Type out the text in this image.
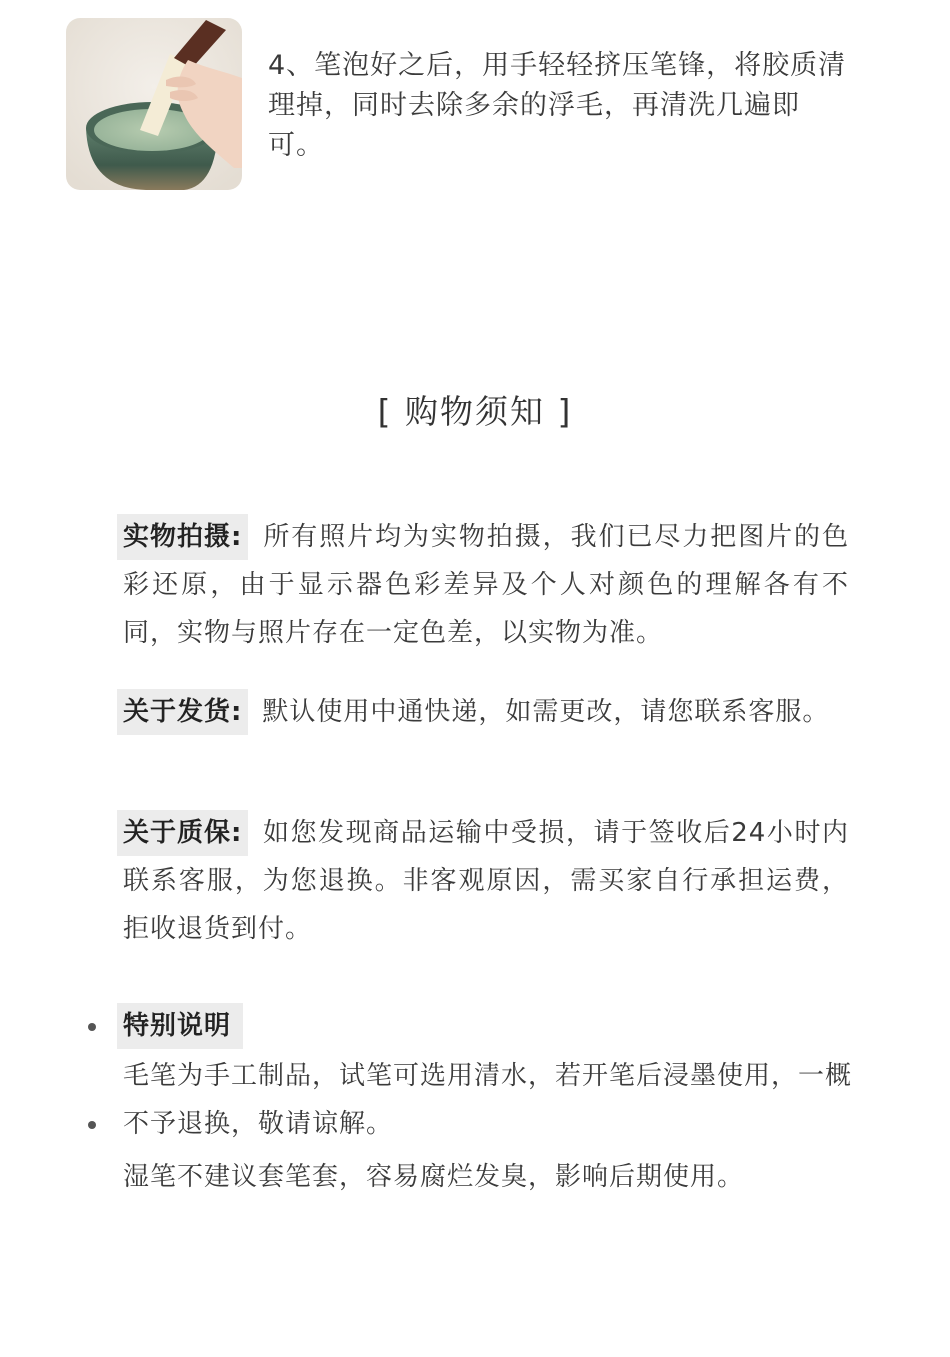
4、笔泡好之后，用手轻轻挤压笔锋，将胶质清理掉，同时去除多余的浮毛，再清洗几遍即可。
[ 购物须知 ]
实物拍摄: 所有照片均为实物拍摄，我们已尽力把图片的色彩还原，由于显示器色彩差异及个人对颜色的理解各有不同，实物与照片存在一定色差，以实物为准。
关于发货: 默认使用中通快递，如需更改，请您联系客服。
关于质保: 如您发现商品运输中受损，请于签收后24小时内联系客服，为您退换。非客观原因，需买家自行承担运费，拒收退货到付。
特别说明
毛笔为手工制品，试笔可选用清水，若开笔后浸墨使用，一概不予退换，敬请谅解。
湿笔不建议套笔套，容易腐烂发臭，影响后期使用。
